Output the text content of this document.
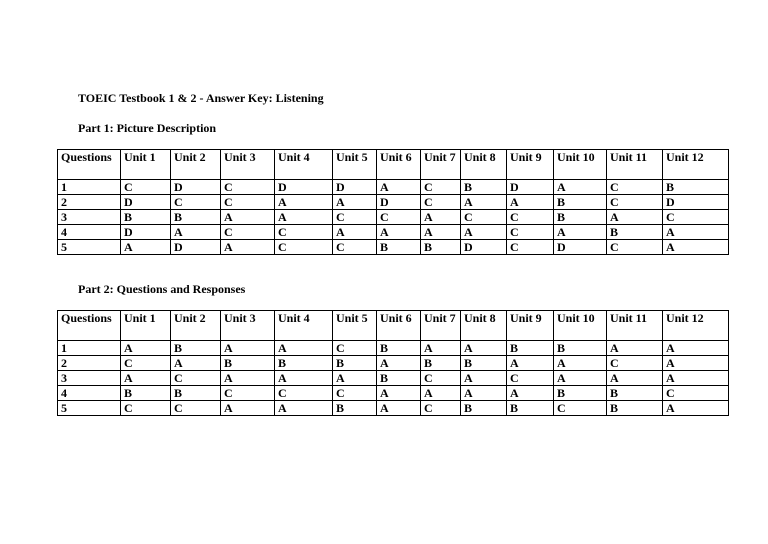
TOEIC Testbook 1 & 2 - Answer Key: Listening
Part 1: Picture Description
Questions	Unit 1	Unit 2	Unit 3	Unit 4	Unit 5	Unit 6	Unit 7	Unit 8	Unit 9	Unit 10	Unit 11	Unit 12
1	C	D	C	D	D	A	C	B	D	A	C	B
2	D	C	C	A	A	D	C	A	A	B	C	D
3	B	B	A	A	C	C	A	C	C	B	A	C
4	D	A	C	C	A	A	A	A	C	A	B	A
5	A	D	A	C	C	B	B	D	C	D	C	A
Part 2: Questions and Responses
Questions	Unit 1	Unit 2	Unit 3	Unit 4	Unit 5	Unit 6	Unit 7	Unit 8	Unit 9	Unit 10	Unit 11	Unit 12
1	A	B	A	A	C	B	A	A	B	B	A	A
2	C	A	B	B	B	A	B	B	A	A	C	A
3	A	C	A	A	A	B	C	A	C	A	A	A
4	B	B	C	C	C	A	A	A	A	B	B	C
5	C	C	A	A	B	A	C	B	B	C	B	A
